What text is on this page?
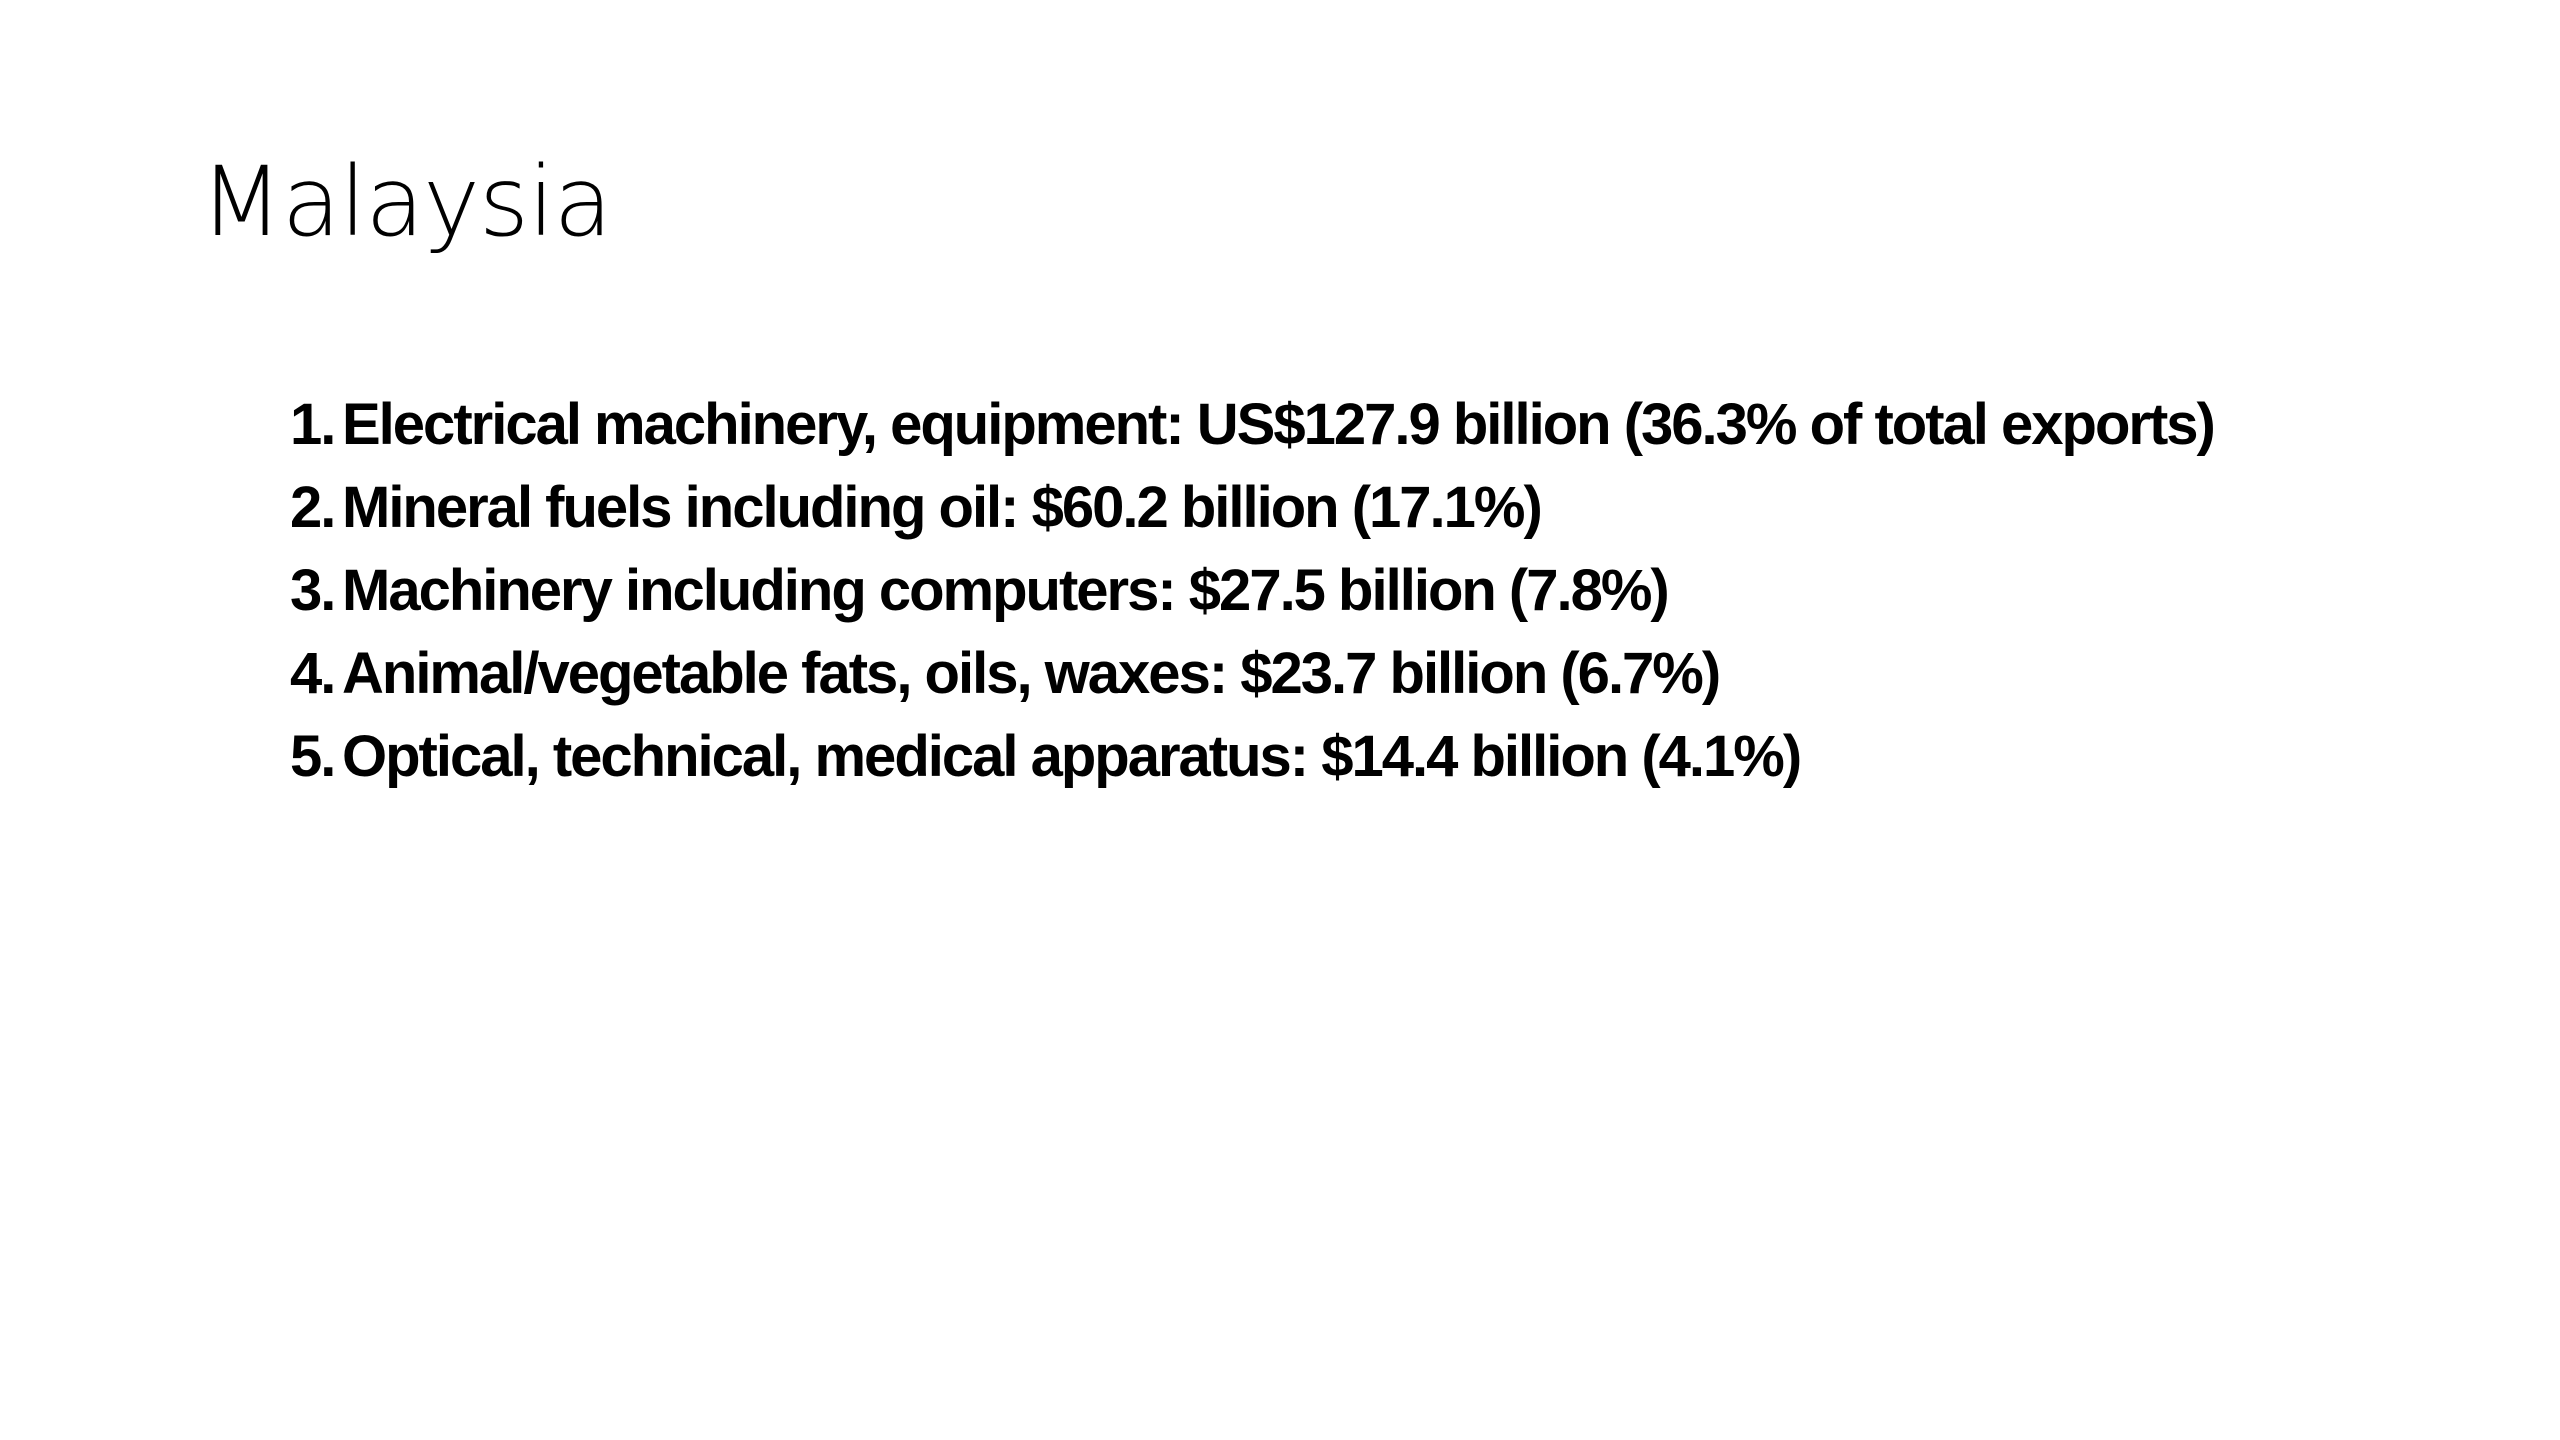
Malaysia
1. Electrical machinery, equipment: US$127.9 billion (36.3% of total exports)
2. Mineral fuels including oil: $60.2 billion (17.1%)
3. Machinery including computers: $27.5 billion (7.8%)
4. Animal/vegetable fats, oils, waxes: $23.7 billion (6.7%)
5. Optical, technical, medical apparatus: $14.4 billion (4.1%)
